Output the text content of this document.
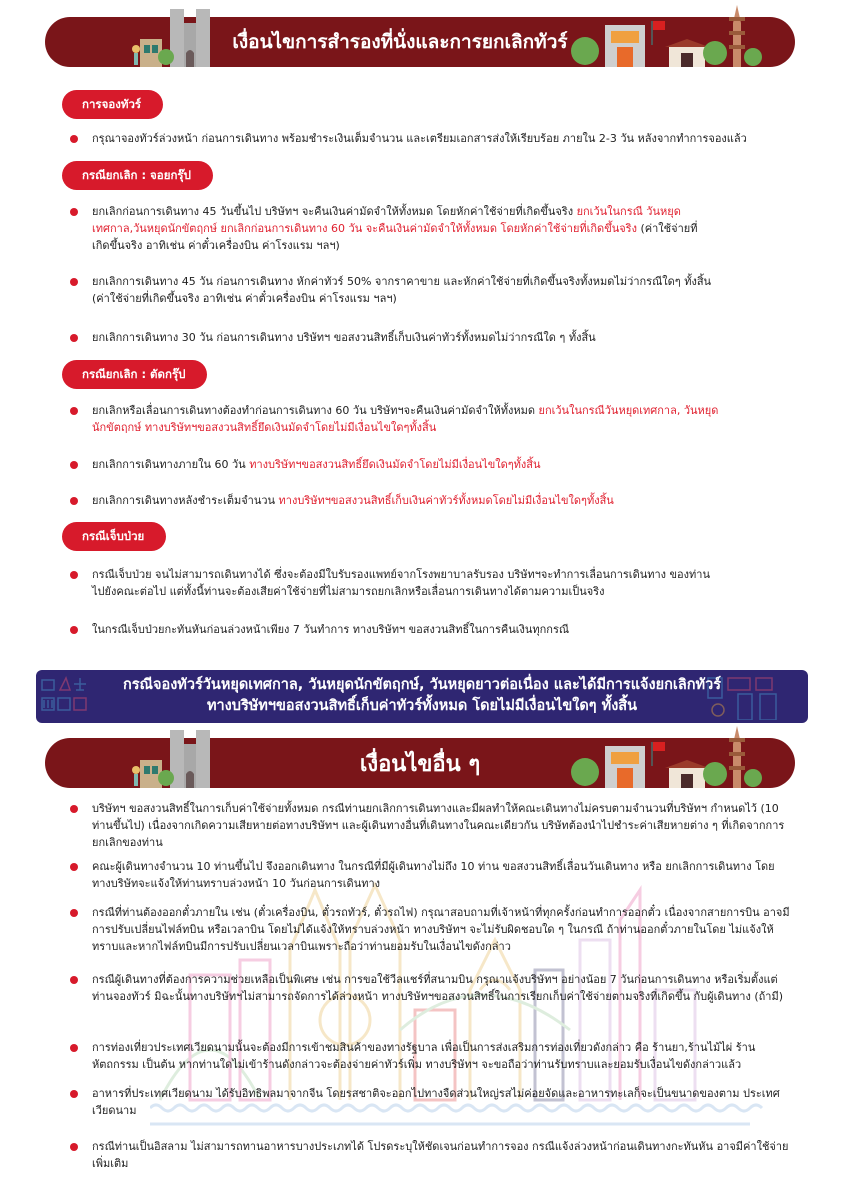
เงื่อนไขการสำรองที่นั่งและการยกเลิกทัวร์
การจองทัวร์
กรุณาจองทัวร์ล่วงหน้า ก่อนการเดินทาง พร้อมชำระเงินเต็มจำนวน และเตรียมเอกสารส่งให้เรียบร้อย ภายใน 2-3 วัน หลังจากทำการจองแล้ว
กรณียกเลิก : จอยกรุ๊ป
ยกเลิกก่อนการเดินทาง 45 วันขึ้นไป บริษัทฯ จะคืนเงินค่ามัดจำให้ทั้งหมด โดยหักค่าใช้จ่ายที่เกิดขึ้นจริง ยกเว้นในกรณี วันหยุดเทศกาล,วันหยุดนักขัตฤกษ์ ยกเลิกก่อนการเดินทาง 60 วัน จะคืนเงินค่ามัดจำให้ทั้งหมด โดยหักค่าใช้จ่ายที่เกิดขึ้นจริง (ค่าใช้จ่ายที่เกิดขึ้นจริง อาทิเช่น ค่าตั๋วเครื่องบิน ค่าโรงแรม ฯลฯ)
ยกเลิกการเดินทาง 45 วัน ก่อนการเดินทาง หักค่าทัวร์ 50% จากราคาขาย และหักค่าใช้จ่ายที่เกิดขึ้นจริงทั้งหมดไม่ว่ากรณีใดๆ ทั้งสิ้น (ค่าใช้จ่ายที่เกิดขึ้นจริง อาทิเช่น ค่าตั๋วเครื่องบิน ค่าโรงแรม ฯลฯ)
ยกเลิกการเดินทาง 30 วัน ก่อนการเดินทาง บริษัทฯ ขอสงวนสิทธิ์เก็บเงินค่าทัวร์ทั้งหมดไม่ว่ากรณีใด ๆ ทั้งสิ้น
กรณียกเลิก : ตัดกรุ๊ป
ยกเลิกหรือเลื่อนการเดินทางต้องทำก่อนการเดินทาง 60 วัน บริษัทฯจะคืนเงินค่ามัดจำให้ทั้งหมด ยกเว้นในกรณีวันหยุดเทศกาล, วันหยุดนักขัตฤกษ์ ทางบริษัทฯขอสงวนสิทธิ์ยึดเงินมัดจำโดยไม่มีเงื่อนไขใดๆทั้งสิ้น
ยกเลิกการเดินทางภายใน 60 วัน ทางบริษัทฯขอสงวนสิทธิ์ยึดเงินมัดจำโดยไม่มีเงื่อนไขใดๆทั้งสิ้น
ยกเลิกการเดินทางหลังชำระเต็มจำนวน ทางบริษัทฯขอสงวนสิทธิ์เก็บเงินค่าทัวร์ทั้งหมดโดยไม่มีเงื่อนไขใดๆทั้งสิ้น
กรณีเจ็บป่วย
กรณีเจ็บป่วย จนไม่สามารถเดินทางได้ ซึ่งจะต้องมีใบรับรองแพทย์จากโรงพยาบาลรับรอง บริษัทฯจะทำการเลื่อนการเดินทาง ของท่านไปยังคณะต่อไป แต่ทั้งนี้ท่านจะต้องเสียค่าใช้จ่ายที่ไม่สามารถยกเลิกหรือเลื่อนการเดินทางได้ตามความเป็นจริง
ในกรณีเจ็บป่วยกะทันหันก่อนล่วงหน้าเพียง 7 วันทำการ ทางบริษัทฯ ขอสงวนสิทธิ์ในการคืนเงินทุกกรณี
กรณีจองทัวร์วันหยุดเทศกาล, วันหยุดนักขัตฤกษ์, วันหยุดยาวต่อเนื่อง และได้มีการแจ้งยกเลิกทัวร์
ทางบริษัทฯขอสงวนสิทธิ์เก็บค่าทัวร์ทั้งหมด โดยไม่มีเงื่อนไขใดๆ ทั้งสิ้น
เงื่อนไขอื่น ๆ
บริษัทฯ ขอสงวนสิทธิ์ในการเก็บค่าใช้จ่ายทั้งหมด กรณีท่านยกเลิกการเดินทางและมีผลทำให้คณะเดินทางไม่ครบตามจำนวนที่บริษัทฯ กำหนดไว้ (10 ท่านขึ้นไป) เนื่องจากเกิดความเสียหายต่อทางบริษัทฯ และผู้เดินทางอื่นที่เดินทางในคณะเดียวกัน บริษัทต้องนำไปชำระค่าเสียหายต่าง ๆ ที่เกิดจากการยกเลิกของท่าน
คณะผู้เดินทางจำนวน 10 ท่านขึ้นไป จึงออกเดินทาง ในกรณีที่มีผู้เดินทางไม่ถึง 10 ท่าน ขอสงวนสิทธิ์เลื่อนวันเดินทาง หรือ ยกเลิกการเดินทาง โดยทางบริษัทจะแจ้งให้ท่านทราบล่วงหน้า 10 วันก่อนการเดินทาง
กรณีที่ท่านต้องออกตั๋วภายใน เช่น (ตั๋วเครื่องบิน, ตั๋วรถทัวร์, ตั๋วรถไฟ) กรุณาสอบถามที่เจ้าหน้าที่ทุกครั้งก่อนทำการออกตั๋ว เนื่องจากสายการบิน อาจมีการปรับเปลี่ยนไฟล์ทบิน หรือเวลาบิน โดยไม่ได้แจ้งให้ทราบล่วงหน้า ทางบริษัทฯ จะไม่รับผิดชอบใด ๆ ในกรณี ถ้าท่านออกตั๋วภายในโดย ไม่แจ้งให้ทราบและหากไฟล์ทบินมีการปรับเปลี่ยนเวลาบินเพราะถือว่าท่านยอมรับในเงื่อนไขดังกล่าว
กรณีผู้เดินทางที่ต้องการความช่วยเหลือเป็นพิเศษ เช่น การขอใช้วีลแชร์ที่สนามบิน กรุณาแจ้งบริษัทฯ อย่างน้อย 7 วันก่อนการเดินทาง หรือเริ่มตั้งแต่ท่านจองทัวร์ มิฉะนั้นทางบริษัทฯไม่สามารถจัดการได้ล่วงหน้า ทางบริษัทฯขอสงวนสิทธิ์ในการเรียกเก็บค่าใช้จ่ายตามจริงที่เกิดขึ้น กับผู้เดินทาง (ถ้ามี)
การท่องเที่ยวประเทศเวียดนามนั้นจะต้องมีการเข้าชมสินค้าของทางรัฐบาล เพื่อเป็นการส่งเสริมการท่องเที่ยวดังกล่าว คือ ร้านยา,ร้านไม้ไผ่ ร้านหัตถกรรม เป็นต้น หากท่านใดไม่เข้าร้านดังกล่าวจะต้องจ่ายค่าทัวร์เพิ่ม ทางบริษัทฯ จะขอถือว่าท่านรับทราบและยอมรับเงื่อนไขดังกล่าวแล้ว
อาหารที่ประเทศเวียดนาม ได้รับอิทธิพลมาจากจีน โดยรสชาติจะออกไปทางจืดส่วนใหญ่รสไม่ค่อยจัดและอาหารทะเลก็จะเป็นขนาดของตาม ประเทศเวียดนาม
กรณีท่านเป็นอิสลาม ไม่สามารถทานอาหารบางประเภทได้ โปรดระบุให้ชัดเจนก่อนทำการจอง กรณีแจ้งล่วงหน้าก่อนเดินทางกะทันหัน อาจมีค่าใช้จ่ายเพิ่มเติม
